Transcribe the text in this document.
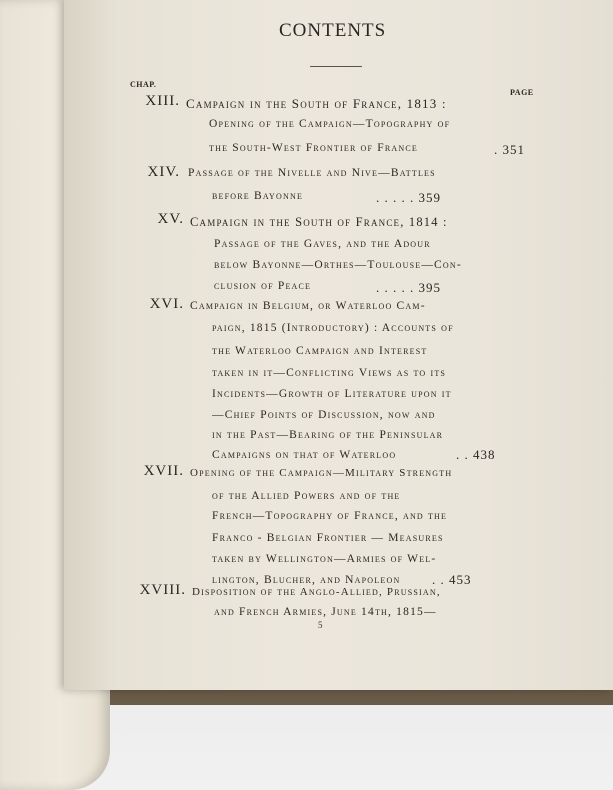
CONTENTS
CHAP.
PAGE
XIII. Campaign in the South of France, 1813 :
Opening of the Campaign—Topography of
the South-West Frontier of France	. 351
XIV. Passage of the Nivelle and Nive—Battles
before Bayonne	. . . . . 359
XV. Campaign in the South of France, 1814 :
Passage of the Gaves, and the Adour
below Bayonne—Orthes—Toulouse—Con-
clusion of Peace	. . . . . 395
XVI. Campaign in Belgium, or Waterloo Cam-
paign, 1815 (Introductory) : Accounts of
the Waterloo Campaign and Interest
taken in it—Conflicting Views as to its
Incidents—Growth of Literature upon it
—Chief Points of Discussion, now and
in the Past—Bearing of the Peninsular
Campaigns on that of Waterloo	. . 438
XVII. Opening of the Campaign—Military Strength
of the Allied Powers and of the
French—Topography of France, and the
Franco - Belgian Frontier — Measures
taken by Wellington—Armies of Wel-
lington, Blucher, and Napoleon . . 453
XVIII. Disposition of the Anglo-Allied, Prussian,
and French Armies, June 14th, 1815—
5
